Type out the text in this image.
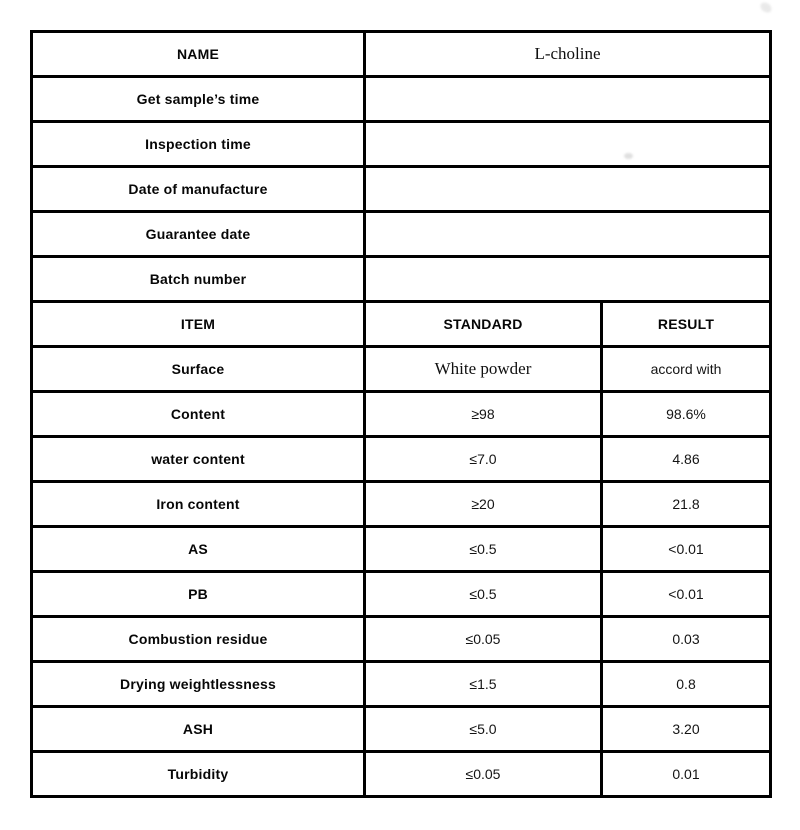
NAME	L-choline	
Get sample’s time		
Inspection time		
Date of manufacture		
Guarantee date		
Batch number		
ITEM	STANDARD	RESULT
Surface	White powder	accord with
Content	≥98	98.6%
water content	≤7.0	4.86
Iron content	≥20	21.8
AS	≤0.5	<0.01
PB	≤0.5	<0.01
Combustion residue	≤0.05	0.03
Drying weightlessness	≤1.5	0.8
ASH	≤5.0	3.20
Turbidity	≤0.05	0.01
